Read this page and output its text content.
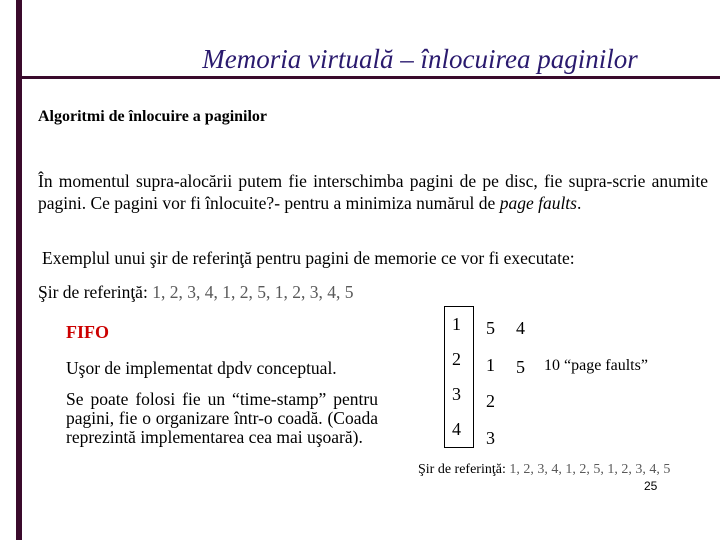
Memoria virtuală – înlocuirea paginilor
Algoritmi de înlocuire a paginilor
În momentul supra-alocării putem fie interschimba pagini de pe disc, fie supra-scrie anumite pagini. Ce pagini vor fi înlocuite?- pentru a minimiza numărul de page faults.
Exemplul unui şir de referinţă pentru pagini de memorie ce vor fi executate:
Şir de referinţă: 1, 2, 3, 4, 1, 2, 5, 1, 2, 3, 4, 5
FIFO
Uşor de implementat dpdv conceptual.
Se poate folosi fie un “time-stamp” pentru pagini, fie o organizare într-o coadă. (Coada reprezintă implementarea cea mai uşoară).
1
2
3
4
5
1
2
3
4
5 10 “page faults”
Şir de referinţă: 1, 2, 3, 4, 1, 2, 5, 1, 2, 3, 4, 5
25
